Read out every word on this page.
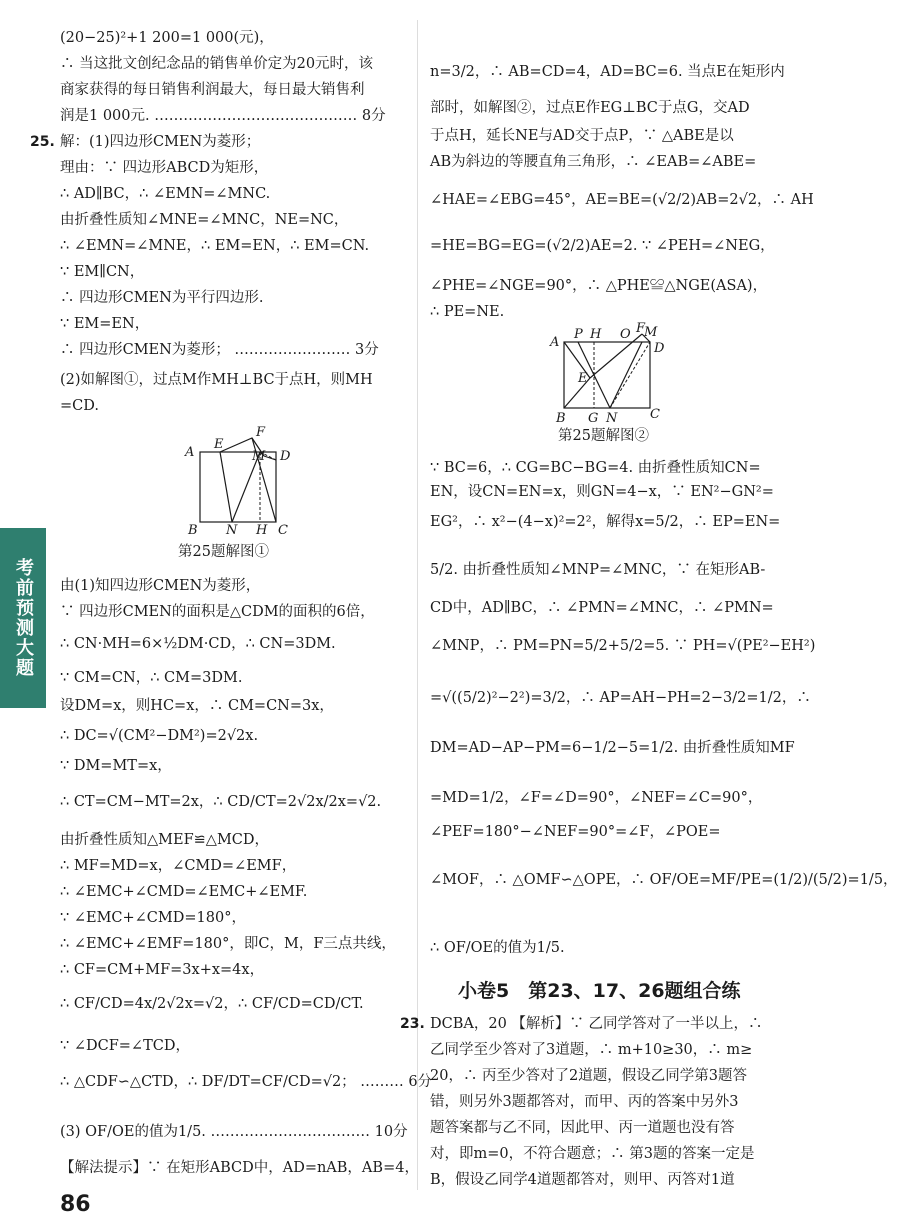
考前预测大题
(20−25)²+1 200=1 000(元)，
∴ 当这批文创纪念品的销售单价定为20元时，该
商家获得的每日销售利润最大，每日最大销售利
润是1 000元. …………………………………… 8分
25. 解：(1)四边形CMEN为菱形；
理由：∵ 四边形ABCD为矩形，
∴ AD∥BC，∴ ∠EMN=∠MNC.
由折叠性质知∠MNE=∠MNC，NE=NC，
∴ ∠EMN=∠MNE，∴ EM=EN，∴ EM=CN.
∵ EM∥CN，
∴ 四边形CMEN为平行四边形.
∵ EM=EN，
∴ 四边形CMEN为菱形； …………………… 3分
(2)如解图①，过点M作MH⊥BC于点H，则MH
=CD.
A
E
F
M D
B N H C
第25题解图①
由(1)知四边形CMEN为菱形，
∵ 四边形CMEN的面积是△CDM的面积的6倍，
∴ CN·MH=6×½DM·CD，∴ CN=3DM.
∵ CM=CN，∴ CM=3DM.
设DM=x，则HC=x，∴ CM=CN=3x，
∴ DC=√(CM²−DM²)=2√2x.
∵ DM=MT=x，
∴ CT=CM−MT=2x，∴ CD/CT=2√2x/2x=√2.
由折叠性质知△MEF≌△MCD，
∴ MF=MD=x，∠CMD=∠EMF，
∴ ∠EMC+∠CMD=∠EMC+∠EMF.
∵ ∠EMC+∠CMD=180°，
∴ ∠EMC+∠EMF=180°，即C，M，F三点共线，
∴ CF=CM+MF=3x+x=4x，
∴ CF/CD=4x/2√2x=√2，∴ CF/CD=CD/CT.
∵ ∠DCF=∠TCD，
∴ △CDF∽△CTD，∴ DF/DT=CF/CD=√2； ……… 6分
(3) OF/OE的值为1/5. …………………………… 10分
【解法提示】∵ 在矩形ABCD中，AD=nAB，AB=4，
n=3/2，∴ AB=CD=4，AD=BC=6. 当点E在矩形内
部时，如解图②，过点E作EG⊥BC于点G，交AD
于点H，延长NE与AD交于点P，∵ △ABE是以
AB为斜边的等腰直角三角形，∴ ∠EAB=∠ABE=
∠HAE=∠EBG=45°，AE=BE=(√2/2)AB=2√2，∴ AH
=HE=BG=EG=(√2/2)AE=2. ∵ ∠PEH=∠NEG，
∠PHE=∠NGE=90°，∴ △PHE≌△NGE(ASA)，
∴ PE=NE.
A
P H O F
M
D
E
B G N	C
第25题解图②
∵ BC=6，∴ CG=BC−BG=4. 由折叠性质知CN=
EN，设CN=EN=x，则GN=4−x，∵ EN²−GN²=
EG²，∴ x²−(4−x)²=2²，解得x=5/2，∴ EP=EN=
5/2. 由折叠性质知∠MNP=∠MNC，∵ 在矩形AB-
CD中，AD∥BC，∴ ∠PMN=∠MNC，∴ ∠PMN=
∠MNP，∴ PM=PN=5/2+5/2=5. ∵ PH=√(PE²−EH²)
=√((5/2)²−2²)=3/2，∴ AP=AH−PH=2−3/2=1/2，∴
DM=AD−AP−PM=6−1/2−5=1/2. 由折叠性质知MF
=MD=1/2，∠F=∠D=90°，∠NEF=∠C=90°，
∠PEF=180°−∠NEF=90°=∠F，∠POE=
∠MOF，∴ △OMF∽△OPE，∴ OF/OE=MF/PE=(1/2)/(5/2)=1/5，
∴ OF/OE的值为1/5.
小卷5　第23、17、26题组合练
23. DCBA，20 【解析】∵ 乙同学答对了一半以上，∴
乙同学至少答对了3道题，∴ m+10≥30，∴ m≥
20，∴ 丙至少答对了2道题，假设乙同学第3题答
错，则另外3题都答对，而甲、丙的答案中另外3
题答案都与乙不同，因此甲、丙一道题也没有答
对，即m=0，不符合题意；∴ 第3题的答案一定是
B，假设乙同学4道题都答对，则甲、丙答对1道
86
